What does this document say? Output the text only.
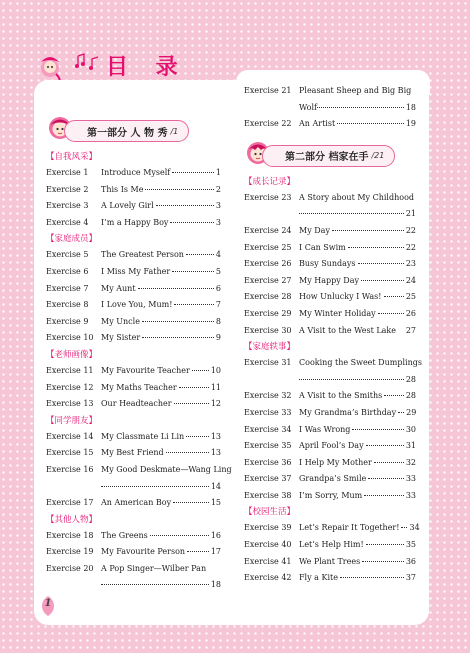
目 录
第一部分 人 物 秀 /1
【自我风采】
Exercise 1	Introduce Myself	1
Exercise 2	This Is Me	2
Exercise 3	A Lovely Girl	3
Exercise 4	I’m a Happy Boy	3
【家庭成员】
Exercise 5	The Greatest Person	4
Exercise 6	I Miss My Father	5
Exercise 7	My Aunt	6
Exercise 8	I Love You, Mum!	7
Exercise 9	My Uncle	8
Exercise 10 My Sister	9
【老师画像】
Exercise 11 My Favourite Teacher	10
Exercise 12 My Maths Teacher	11
Exercise 13 Our Headteacher	12
【同学朋友】
Exercise 14 My Classmate Li Lin	13
Exercise 15 My Best Friend	13
Exercise 16 My Good Deskmate—Wang Ling
14
Exercise 17 An American Boy	15
【其他人物】
Exercise 18 The Greens	16
Exercise 19 My Favourite Person	17
Exercise 20 A Pop Singer—Wilber Pan
18
Exercise 21 Pleasant Sheep and Big Big
Wolf	18
Exercise 22 An Artist	19
第二部分 档家在手 /21
【成长记录】
Exercise 23 A Story about My Childhood
21
Exercise 24 My Day	22
Exercise 25 I Can Swim	22
Exercise 26 Busy Sundays	23
Exercise 27 My Happy Day	24
Exercise 28 How Unlucky I Was!	25
Exercise 29 My Winter Holiday	26
Exercise 30 A Visit to the West Lake 27
【家庭轶事】
Exercise 31 Cooking the Sweet Dumplings
28
Exercise 32 A Visit to the Smiths	28
Exercise 33 My Grandma’s Birthday 29
Exercise 34 I Was Wrong	30
Exercise 35 April Fool’s Day	31
Exercise 36 I Help My Mother	32
Exercise 37 Grandpa’s Smile	33
Exercise 38 I’m Sorry, Mum	33
【校园生活】
Exercise 39 Let’s Repair It Together! 34
Exercise 40 Let’s Help Him!	35
Exercise 41 We Plant Trees	36
Exercise 42 Fly a Kite	37
1
